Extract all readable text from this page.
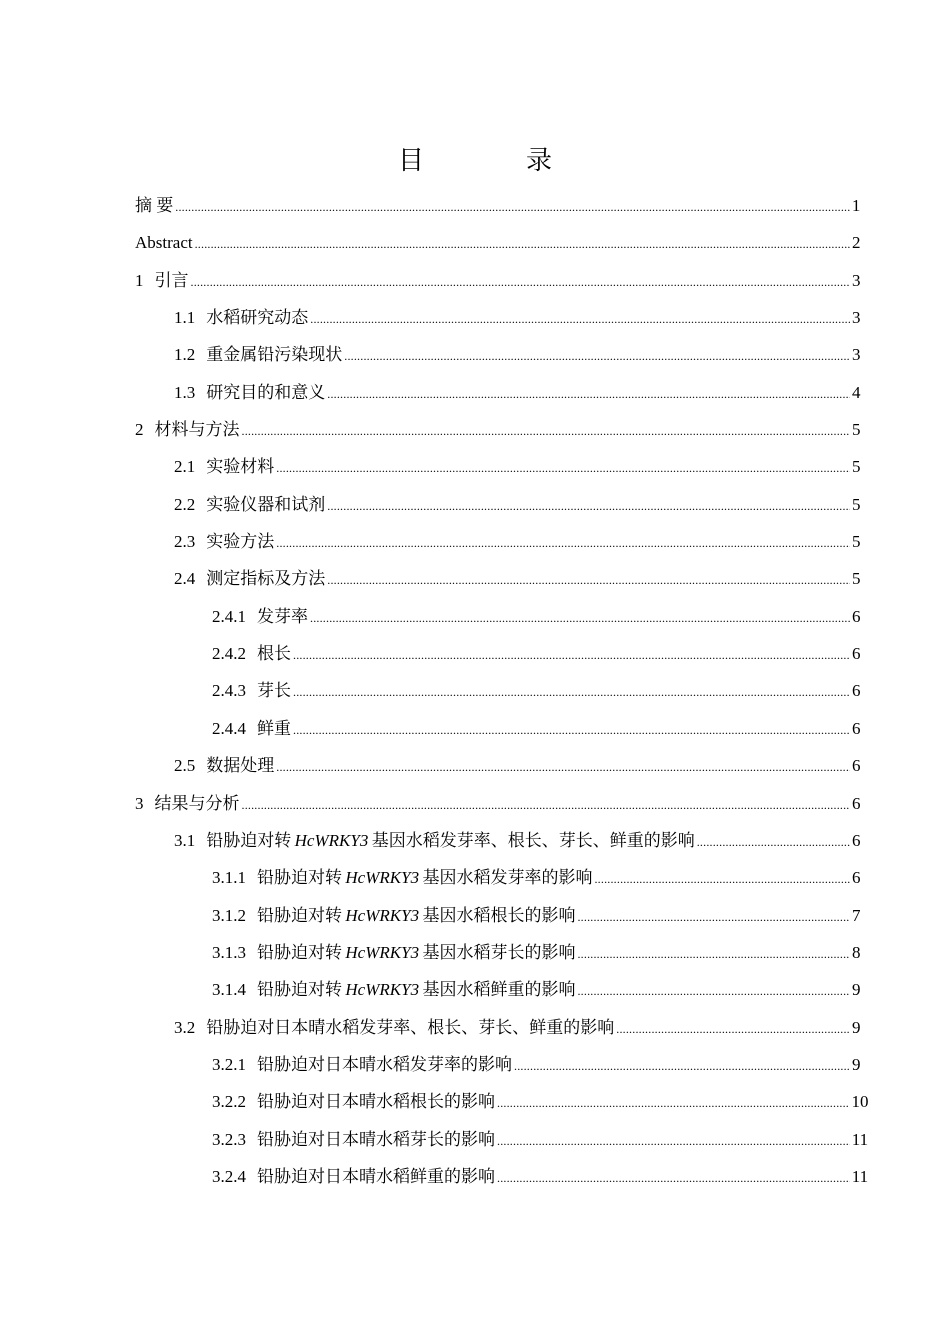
目　录
摘 要 .....	1
Abstract .....	2
1 引言 .....	3
1.1 水稻研究动态 .....	3
1.2 重金属铅污染现状 .....	3
1.3 研究目的和意义 .....	4
2 材料与方法 .....	5
2.1 实验材料 .....	5
2.2 实验仪器和试剂 .....	5
2.3 实验方法 .....	5
2.4 测定指标及方法 .....	5
2.4.1 发芽率 .....	6
2.4.2 根长 .....	6
2.4.3 芽长 .....	6
2.4.4 鲜重 .....	6
2.5 数据处理 .....	6
3 结果与分析 .....	6
3.1 铅胁迫对转  HcWRKY3  基因水稻发芽率、根长、芽长、鲜重的影响 .....	6
3.1.1 铅胁迫对转  HcWRKY3  基因水稻发芽率的影响 .....	6
3.1.2 铅胁迫对转  HcWRKY3  基因水稻根长的影响 .....	7
3.1.3 铅胁迫对转  HcWRKY3  基因水稻芽长的影响 .....	8
3.1.4 铅胁迫对转  HcWRKY3  基因水稻鲜重的影响 .....	9
3.2 铅胁迫对日本晴水稻发芽率、根长、芽长、鲜重的影响 .....	9
3.2.1 铅胁迫对日本晴水稻发芽率的影响 .....	9
3.2.2 铅胁迫对日本晴水稻根长的影响 .....	10
3.2.3 铅胁迫对日本晴水稻芽长的影响 .....	11
3.2.4 铅胁迫对日本晴水稻鲜重的影响 .....	11
